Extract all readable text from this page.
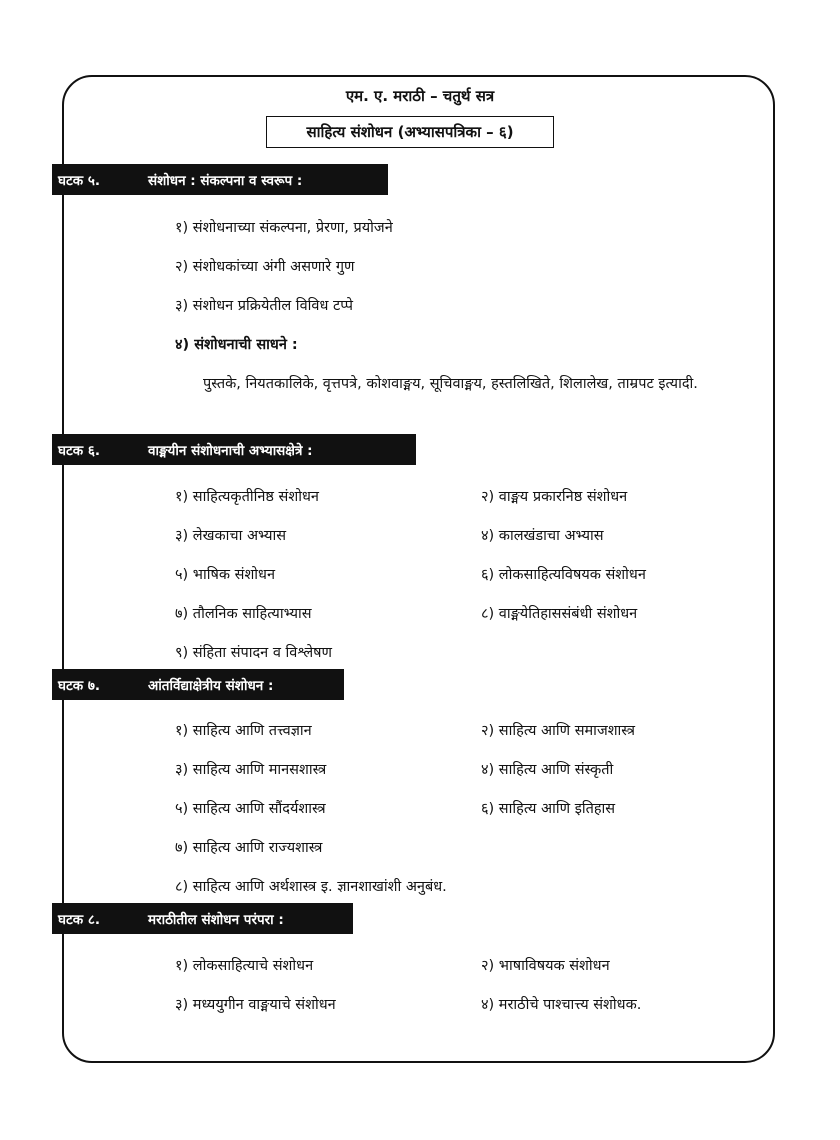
एम. ए. मराठी – चतुर्थ सत्र
साहित्य संशोधन (अभ्यासपत्रिका – ६)
घटक ५.	संशोधन : संकल्पना व स्वरूप :
१) संशोधनाच्या संकल्पना, प्रेरणा, प्रयोजने
२) संशोधकांच्या अंगी असणारे गुण
३) संशोधन प्रक्रियेतील विविध टप्पे
४) संशोधनाची साधने :
पुस्तके, नियतकालिके, वृत्तपत्रे, कोशवाङ्मय, सूचिवाङ्मय, हस्तलिखिते, शिलालेख, ताम्रपट इत्यादी.
घटक ६.	वाङ्मयीन संशोधनाची अभ्यासक्षेत्रे :
१) साहित्यकृतीनिष्ठ संशोधन	२) वाङ्मय प्रकारनिष्ठ संशोधन
३) लेखकाचा अभ्यास	४) कालखंडाचा अभ्यास
५) भाषिक संशोधन	६) लोकसाहित्यविषयक संशोधन
७) तौलनिक साहित्याभ्यास	८) वाङ्मयेतिहाससंबंधी संशोधन
९) संहिता संपादन व विश्लेषण
घटक ७.	आंतर्विद्याक्षेत्रीय संशोधन :
१) साहित्य आणि तत्त्वज्ञान	२) साहित्य आणि समाजशास्त्र
३) साहित्य आणि मानसशास्त्र	४) साहित्य आणि संस्कृती
५) साहित्य आणि सौंदर्यशास्त्र	६) साहित्य आणि इतिहास
७) साहित्य आणि राज्यशास्त्र
८) साहित्य आणि अर्थशास्त्र इ. ज्ञानशाखांशी अनुबंध.
घटक ८.	मराठीतील संशोधन परंपरा :
१) लोकसाहित्याचे संशोधन	२) भाषाविषयक संशोधन
३) मध्ययुगीन वाङ्मयाचे संशोधन	४) मराठीचे पाश्चात्त्य संशोधक.
